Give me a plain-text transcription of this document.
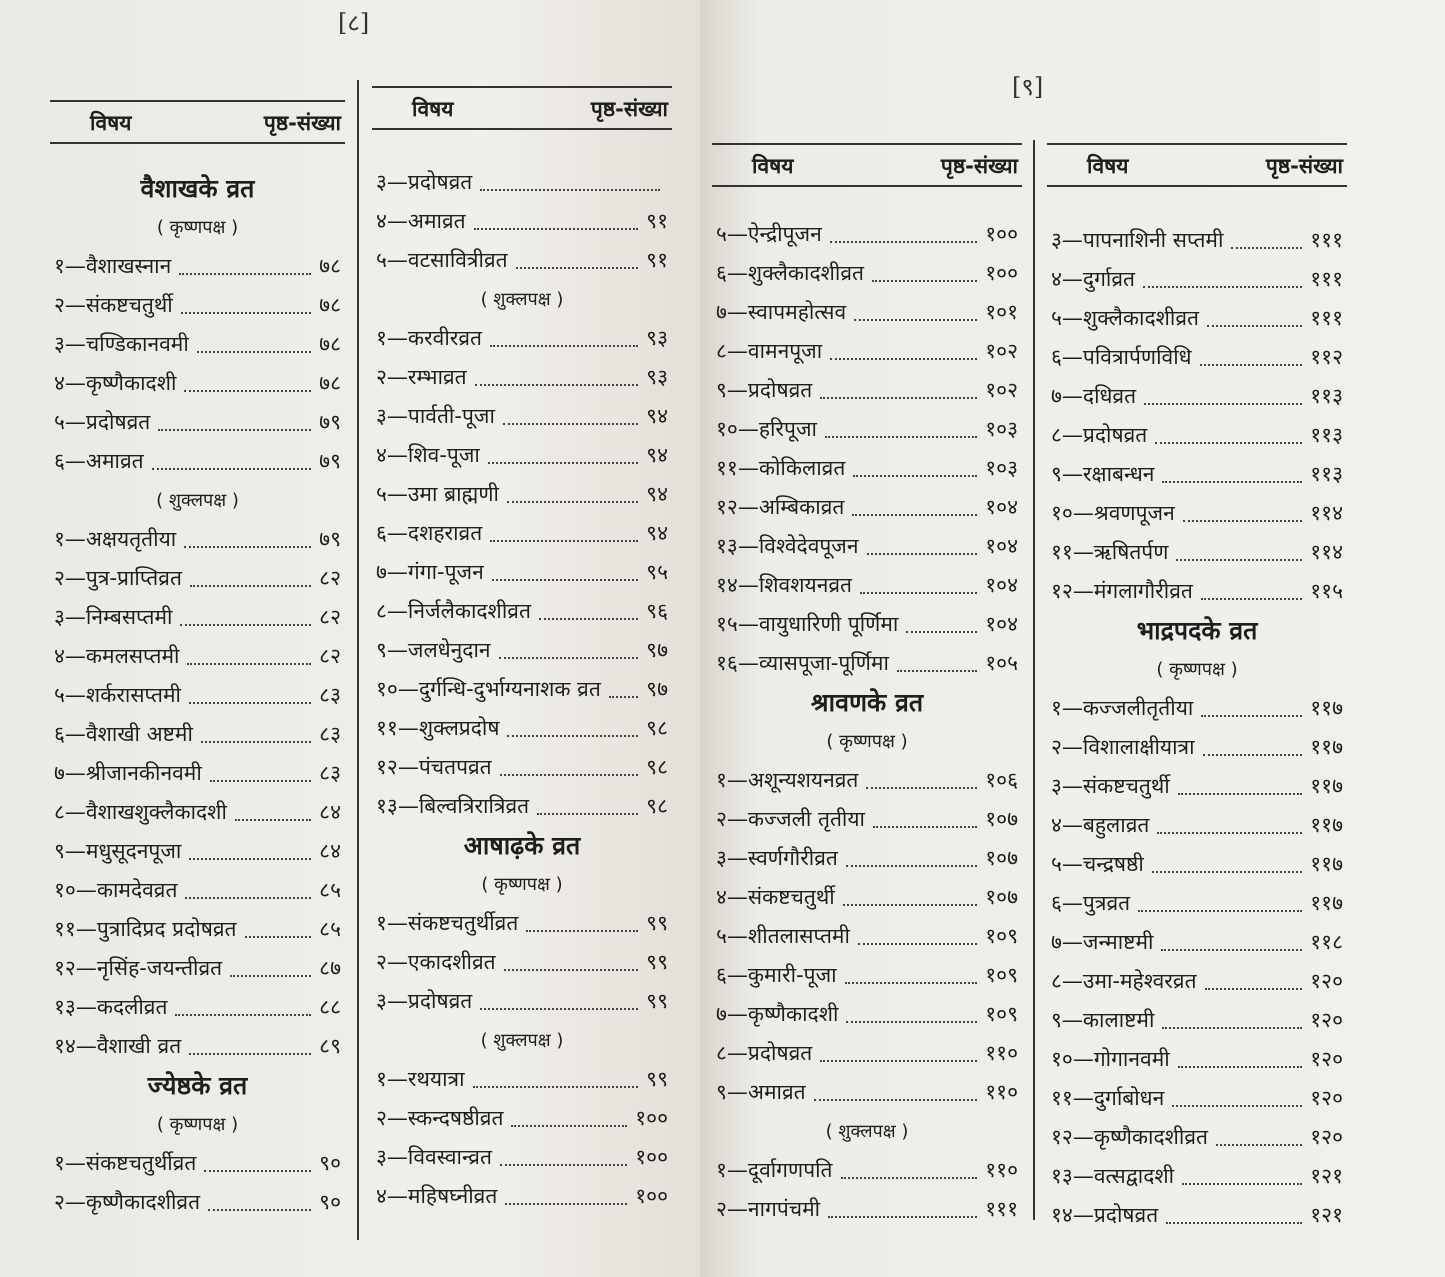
[८]
[९]
विषय	पृष्ठ-संख्या
वैशाखके व्रत
( कृष्णपक्ष )
१—वैशाखस्नान	७८
२—संकष्टचतुर्थी	७८
३—चण्डिकानवमी	७८
४—कृष्णैकादशी	७८
५—प्रदोषव्रत	७९
६—अमाव्रत	७९
( शुक्लपक्ष )
१—अक्षयतृतीया	७९
२—पुत्र-प्राप्तिव्रत	८२
३—निम्बसप्तमी	८२
४—कमलसप्तमी	८२
५—शर्करासप्तमी	८३
६—वैशाखी अष्टमी	८३
७—श्रीजानकीनवमी	८३
८—वैशाखशुक्लैकादशी	८४
९—मधुसूदनपूजा	८४
१०—कामदेवव्रत	८५
११—पुत्रादिप्रद प्रदोषव्रत	८५
१२—नृसिंह-जयन्तीव्रत	८७
१३—कदलीव्रत	८८
१४—वैशाखी व्रत	८९
ज्येष्ठके व्रत
( कृष्णपक्ष )
१—संकष्टचतुर्थीव्रत	९०
२—कृष्णैकादशीव्रत	९०
विषय	पृष्ठ-संख्या
३—प्रदोषव्रत
४—अमाव्रत	९१
५—वटसावित्रीव्रत	९१
( शुक्लपक्ष )
१—करवीरव्रत	९३
२—रम्भाव्रत	९३
३—पार्वती-पूजा	९४
४—शिव-पूजा	९४
५—उमा ब्राह्मणी	९४
६—दशहराव्रत	९४
७—गंगा-पूजन	९५
८—निर्जलैकादशीव्रत	९६
९—जलधेनुदान	९७
१०—दुर्गन्धि-दुर्भाग्यनाशक व्रत ९७
११—शुक्लप्रदोष	९८
१२—पंचतपव्रत	९८
१३—बिल्वत्रिरात्रिव्रत	९८
आषाढ़के व्रत
( कृष्णपक्ष )
१—संकष्टचतुर्थीव्रत	९९
२—एकादशीव्रत	९९
३—प्रदोषव्रत	९९
( शुक्लपक्ष )
१—रथयात्रा	९९
२—स्कन्दषष्ठीव्रत	१००
३—विवस्वान्व्रत	१००
४—महिषघ्नीव्रत	१००
विषय	पृष्ठ-संख्या
५—ऐन्द्रीपूजन	१००
६—शुक्लैकादशीव्रत	१००
७—स्वापमहोत्सव	१०१
८—वामनपूजा	१०२
९—प्रदोषव्रत	१०२
१०—हरिपूजा	१०३
११—कोकिलाव्रत	१०३
१२—अम्बिकाव्रत	१०४
१३—विश्वेदेवपूजन	१०४
१४—शिवशयनव्रत	१०४
१५—वायुधारिणी पूर्णिमा	१०४
१६—व्यासपूजा-पूर्णिमा	१०५
श्रावणके व्रत
( कृष्णपक्ष )
१—अशून्यशयनव्रत	१०६
२—कज्जली तृतीया	१०७
३—स्वर्णगौरीव्रत	१०७
४—संकष्टचतुर्थी	१०७
५—शीतलासप्तमी	१०९
६—कुमारी-पूजा	१०९
७—कृष्णैकादशी	१०९
८—प्रदोषव्रत	११०
९—अमाव्रत	११०
( शुक्लपक्ष )
१—दूर्वागणपति	११०
२—नागपंचमी	१११
विषय	पृष्ठ-संख्या
३—पापनाशिनी सप्तमी	१११
४—दुर्गाव्रत	१११
५—शुक्लैकादशीव्रत	१११
६—पवित्रार्पणविधि	११२
७—दधिव्रत	११३
८—प्रदोषव्रत	११३
९—रक्षाबन्धन	११३
१०—श्रवणपूजन	११४
११—ऋषितर्पण	११४
१२—मंगलागौरीव्रत	११५
भाद्रपदके व्रत
( कृष्णपक्ष )
१—कज्जलीतृतीया	११७
२—विशालाक्षीयात्रा	११७
३—संकष्टचतुर्थी	११७
४—बहुलाव्रत	११७
५—चन्द्रषष्ठी	११७
६—पुत्रव्रत	११७
७—जन्माष्टमी	११८
८—उमा-महेश्वरव्रत	१२०
९—कालाष्टमी	१२०
१०—गोगानवमी	१२०
११—दुर्गाबोधन	१२०
१२—कृष्णैकादशीव्रत	१२०
१३—वत्सद्वादशी	१२१
१४—प्रदोषव्रत	१२१
